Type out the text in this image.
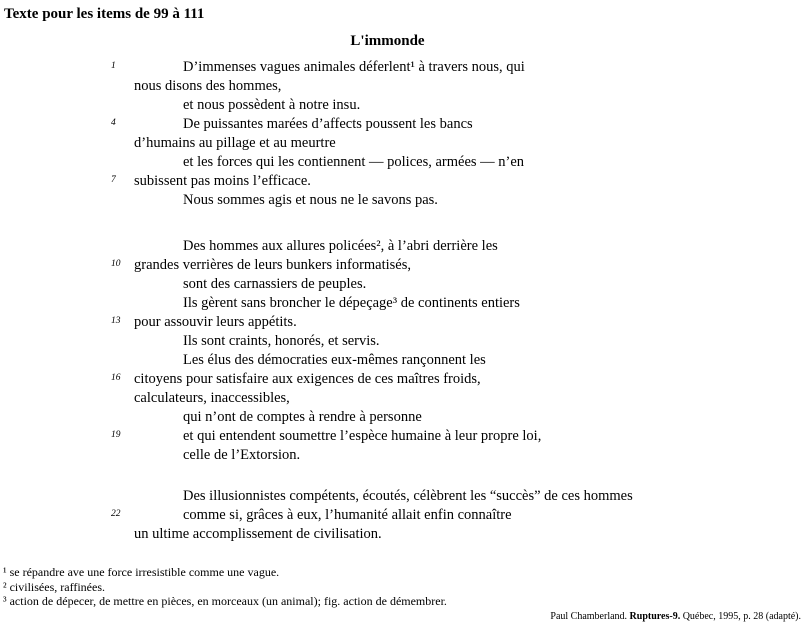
Texte pour les items de 99 à 111
L'immonde
1	D’immenses vagues animales déferlent¹ à travers nous, qui
nous disons des hommes,
et nous possèdent à notre insu.
4	De puissantes marées d’affects poussent les bancs
d’humains au pillage et au meurtre
et les forces qui les contiennent — polices, armées — n’en
7 subissent pas moins l’efficace.
Nous sommes agis et nous ne le savons pas.
Des hommes aux allures policées², à l’abri derrière les
10 grandes verrières de leurs bunkers informatisés,
sont des carnassiers de peuples.
Ils gèrent sans broncher le dépeçage³ de continents entiers
13 pour assouvir leurs appétits.
Ils sont craints, honorés, et servis.
Les élus des démocraties eux-mêmes rançonnent les
16 citoyens pour satisfaire aux exigences de ces maîtres froids,
calculateurs, inaccessibles,
qui n’ont de comptes à rendre à personne
19	et qui entendent soumettre l’espèce humaine à leur propre loi,
celle de l’Extorsion.
Des illusionnistes compétents, écoutés, célèbrent les “succès” de ces hommes
22	comme si, grâces à eux, l’humanité allait enfin connaître
un ultime accomplissement de civilisation.
¹ se répandre ave une force irresistible comme une vague.
² civilisées, raffinées.
³ action de dépecer, de mettre en pièces, en morceaux (un animal); fig. action de démembrer.
Paul Chamberland. Ruptures-9. Québec, 1995, p. 28 (adapté).
